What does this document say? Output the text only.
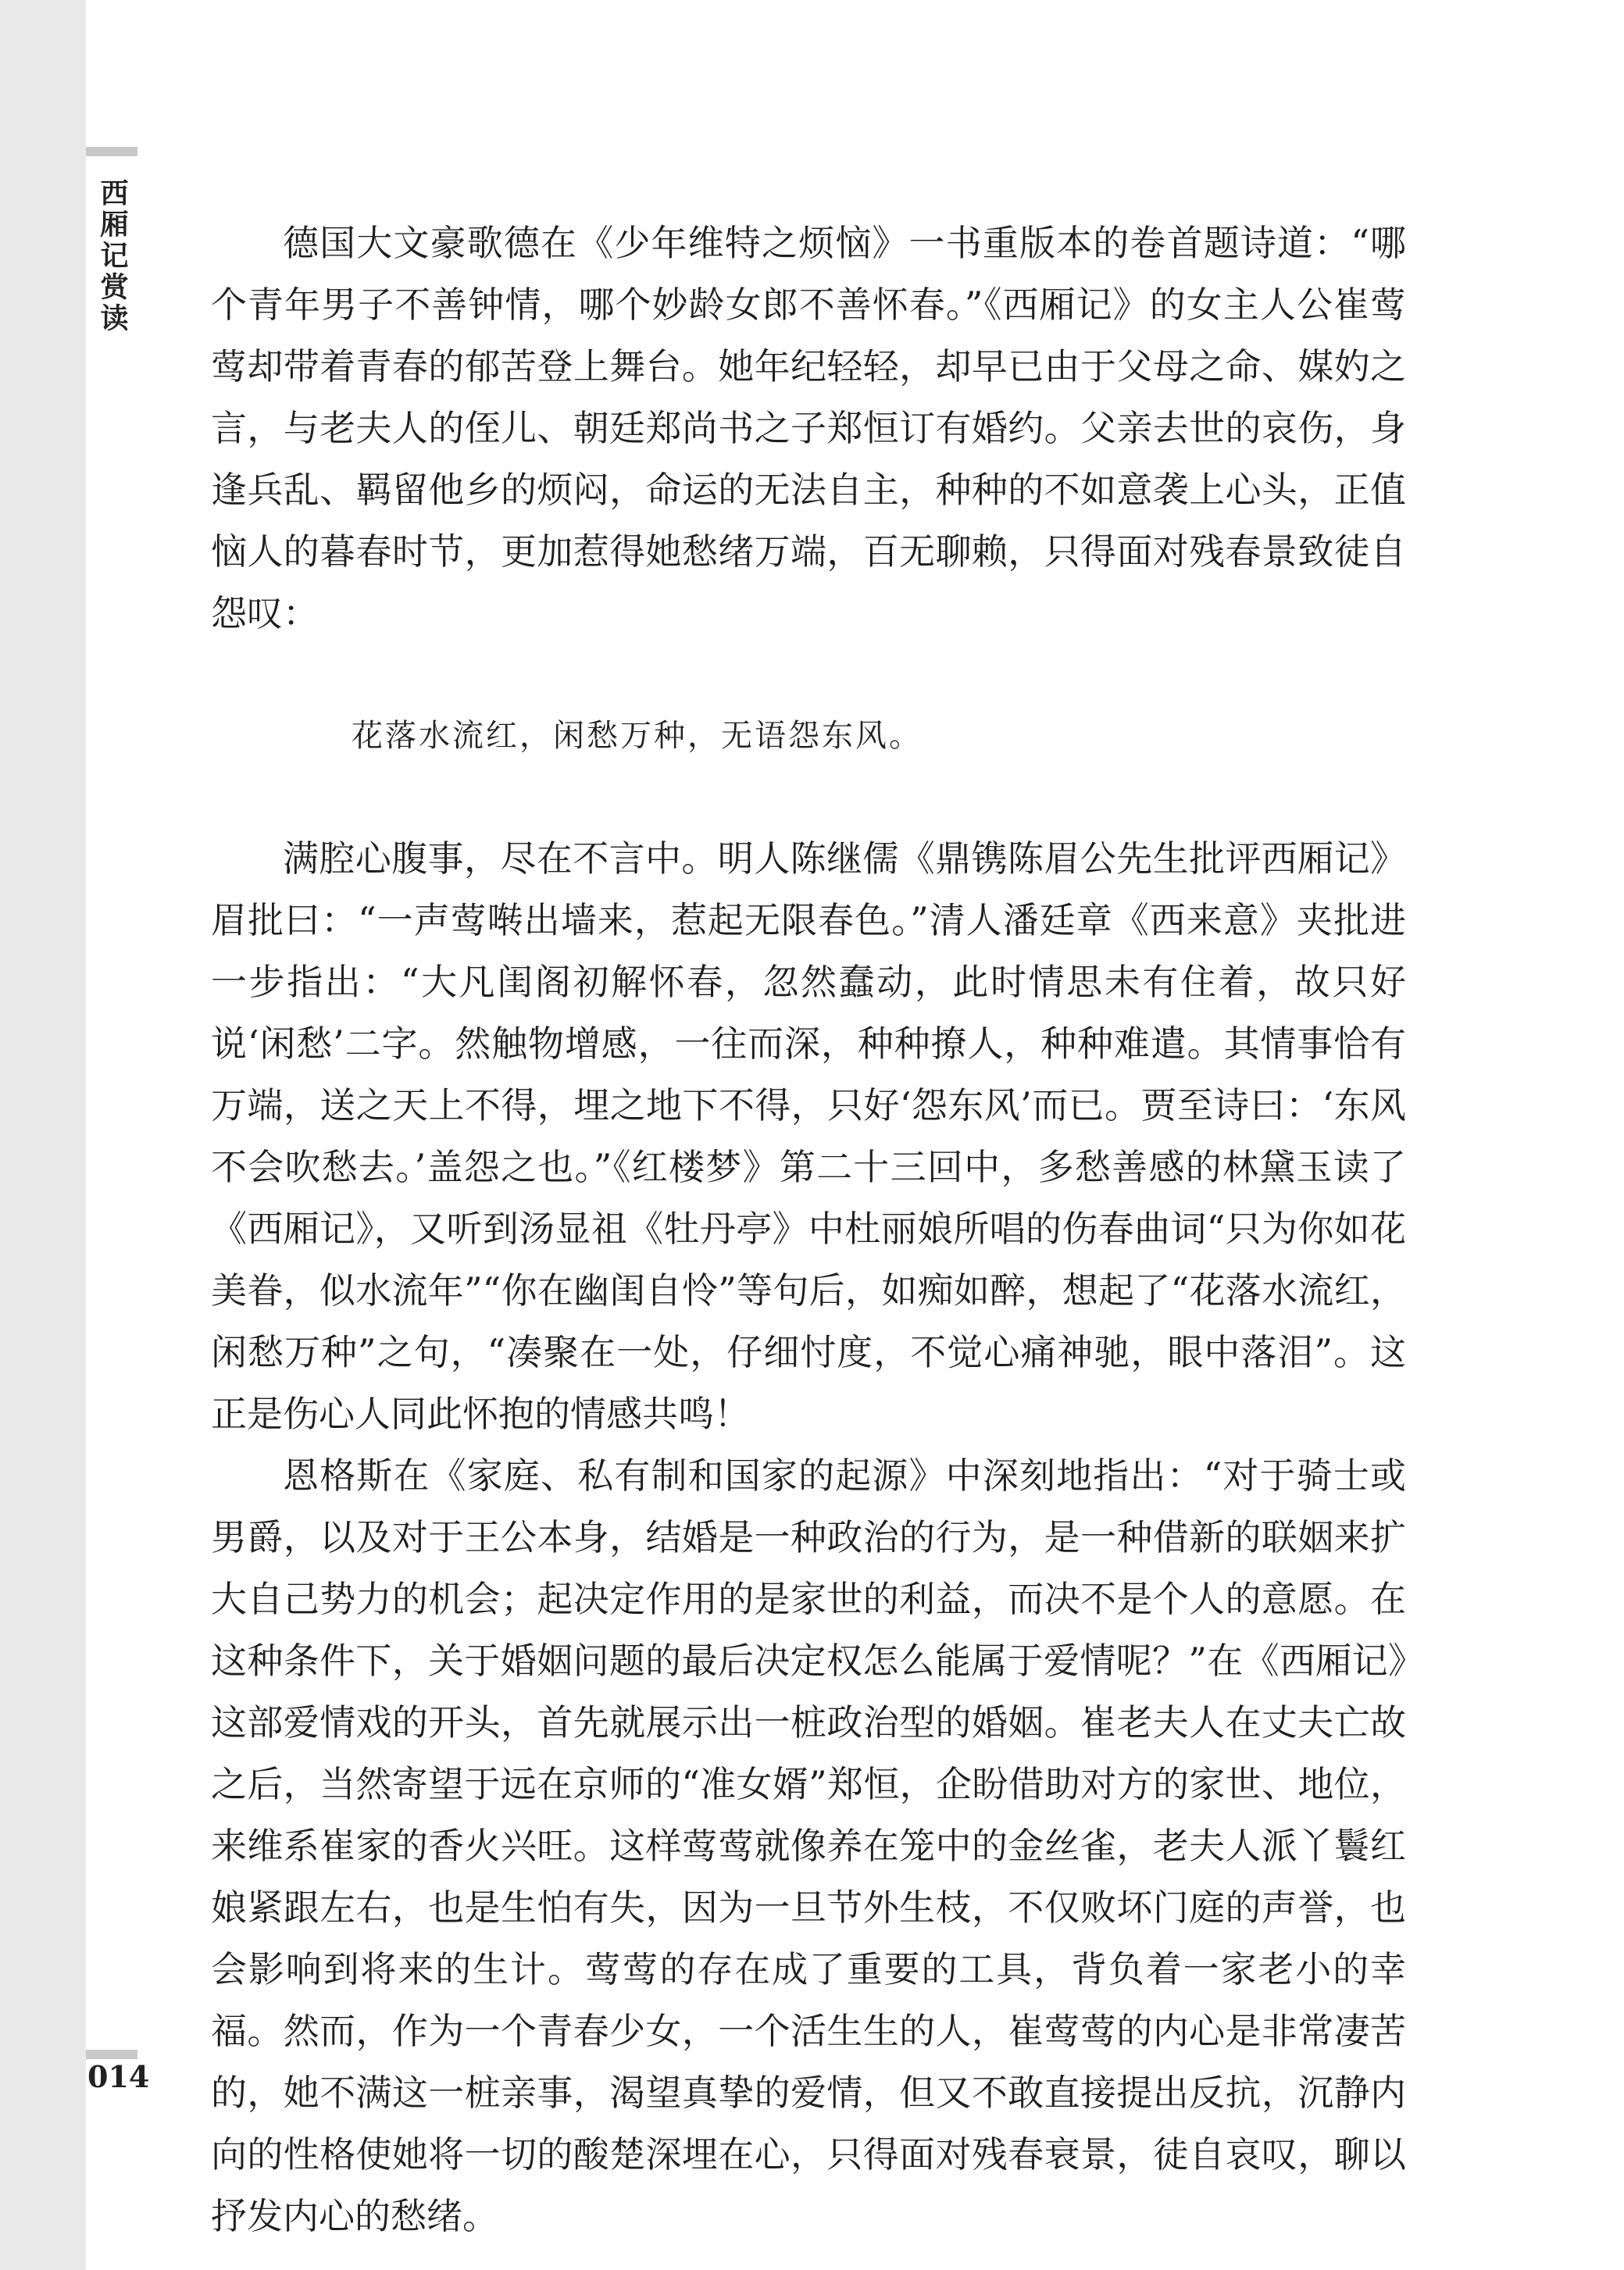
西厢记赏读
014

德国大文豪歌德在《少年维特之烦恼》一书重版本的卷首题诗道：“哪个青年男子不善钟情，哪个妙龄女郎不善怀春。”《西厢记》的女主人公崔莺莺却带着青春的郁苦登上舞台。她年纪轻轻，却早已由于父母之命、媒妁之言，与老夫人的侄儿、朝廷郑尚书之子郑恒订有婚约。父亲去世的哀伤，身逢兵乱、羁留他乡的烦闷，命运的无法自主，种种的不如意袭上心头，正值恼人的暮春时节，更加惹得她愁绪万端，百无聊赖，只得面对残春景致徒自怨叹：

花落水流红，闲愁万种，无语怨东风。

满腔心腹事，尽在不言中。明人陈继儒《鼎镌陈眉公先生批评西厢记》眉批曰：“一声莺啭出墙来，惹起无限春色。”清人潘廷章《西来意》夹批进一步指出：“大凡闺阁初解怀春，忽然蠢动，此时情思未有住着，故只好说‘闲愁’二字。然触物增感，一往而深，种种撩人，种种难遣。其情事恰有万端，送之天上不得，埋之地下不得，只好‘怨东风’而已。贾至诗曰：‘东风不会吹愁去。’盖怨之也。”《红楼梦》第二十三回中，多愁善感的林黛玉读了《西厢记》，又听到汤显祖《牡丹亭》中杜丽娘所唱的伤春曲词“只为你如花美眷，似水流年”“你在幽闺自怜”等句后，如痴如醉，想起了“花落水流红，闲愁万种”之句，“凑聚在一处，仔细忖度，不觉心痛神驰，眼中落泪”。这正是伤心人同此怀抱的情感共鸣！

恩格斯在《家庭、私有制和国家的起源》中深刻地指出：“对于骑士或男爵，以及对于王公本身，结婚是一种政治的行为，是一种借新的联姻来扩大自己势力的机会；起决定作用的是家世的利益，而决不是个人的意愿。在这种条件下，关于婚姻问题的最后决定权怎么能属于爱情呢？”在《西厢记》这部爱情戏的开头，首先就展示出一桩政治型的婚姻。崔老夫人在丈夫亡故之后，当然寄望于远在京师的“准女婿”郑恒，企盼借助对方的家世、地位，来维系崔家的香火兴旺。这样莺莺就像养在笼中的金丝雀，老夫人派丫鬟红娘紧跟左右，也是生怕有失，因为一旦节外生枝，不仅败坏门庭的声誉，也会影响到将来的生计。莺莺的存在成了重要的工具，背负着一家老小的幸福。然而，作为一个青春少女，一个活生生的人，崔莺莺的内心是非常凄苦的，她不满这一桩亲事，渴望真挚的爱情，但又不敢直接提出反抗，沉静内向的性格使她将一切的酸楚深埋在心，只得面对残春衰景，徒自哀叹，聊以抒发内心的愁绪。
